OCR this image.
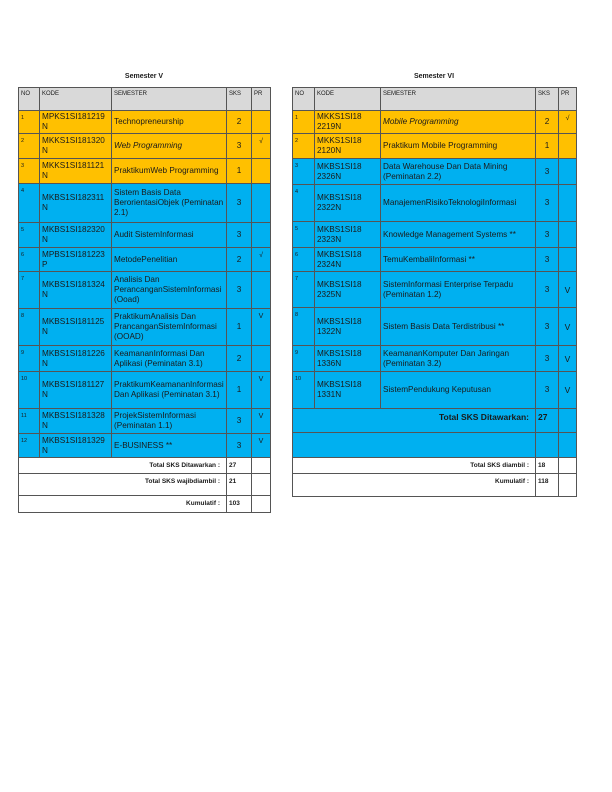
Semester V
NO	KODE	SEMESTER	SKS	PR
1	MPKS1SI181219N	Technopreneurship	2	
2	MKKS1SI181320N	Web Programming	3	√
3	MKKS1SI181121N	PraktikumWeb Programming	1	
4	MKBS1SI182311N	Sistem Basis Data BerorientasiObjek (Peminatan 2.1)	3	
5	MKBS1SI182320N	Audit SistemInformasi	3	
6	MPBS1SI181223P	MetodePenelitian	2	√
7	MKBS1SI181324N	Analisis Dan PerancanganSistemInformasi (Ooad)	3	
8	MKBS1SI181125N	PraktikumAnalisis Dan PrancanganSistemInformasi (OOAD)	1	V
9	MKBS1SI181226N	KeamananInformasi Dan Aplikasi (Peminatan 3.1)	2	
10	MKBS1SI181127N	PraktikumKeamananInformasi Dan Aplikasi (Peminatan 3.1)	1	V
11	MKBS1SI181328N	ProjekSistemInformasi (Peminatan 1.1)	3	V
12	MKBS1SI181329N	E-BUSINESS **	3	V
Total SKS Ditawarkan :			27	
Total SKS wajibdiambil :			21	
Kumulatif :			103	
Semester VI
NO	KODE	SEMESTER	SKS	PR
1	MKKS1SI182219N	Mobile Programming	2	√
2	MKKS1SI182120N	Praktikum Mobile Programming	1	
3	MKBS1SI182326N	Data Warehouse Dan Data Mining (Peminatan 2.2)	3	
4	MKBS1SI182322N	ManajemenRisikoTeknologiInformasi	3	
5	MKBS1SI182323N	Knowledge Management Systems **	3	
6	MKBS1SI182324N	TemuKembaliInformasi **	3	
7	MKBS1SI182325N	SistemInformasi Enterprise Terpadu (Peminatan 1.2)	3	V
8	MKBS1SI181322N	Sistem Basis Data Terdistribusi **	3	V
9	MKBS1SI181336N	KeamananKomputer Dan Jaringan (Peminatan 3.2)	3	V
10	MKBS1SI181331N	SistemPendukung Keputusan	3	V
Total SKS Ditawarkan:			27	

Total SKS diambil :			18	
Kumulatif :			118	
